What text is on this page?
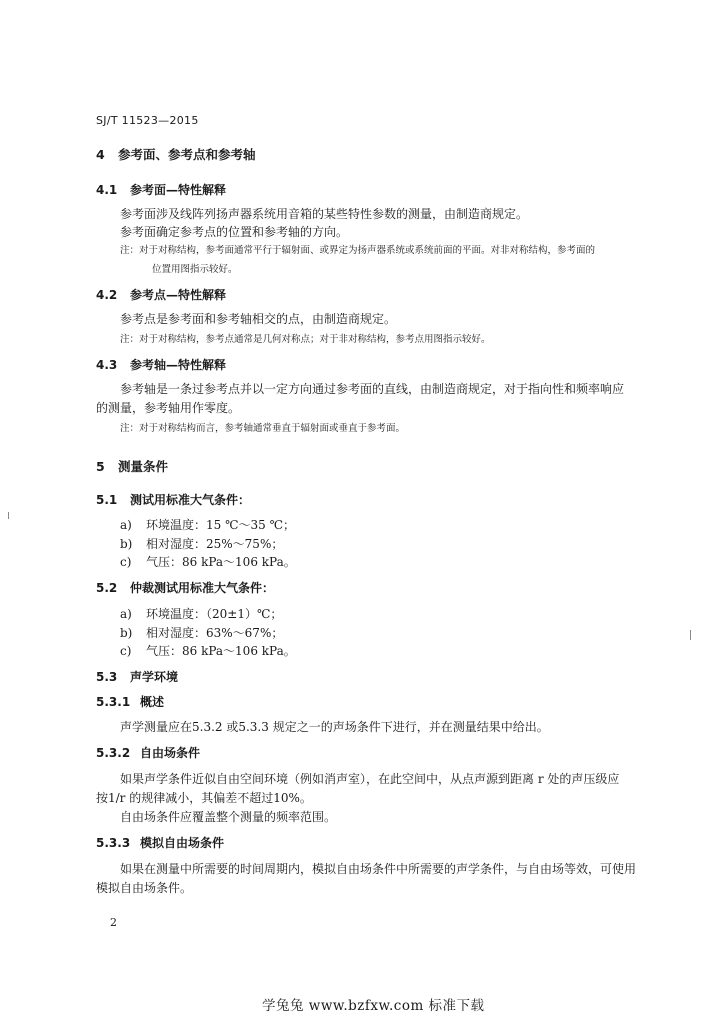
SJ/T 11523—2015
4 参考面、参考点和参考轴
4.1 参考面—特性解释
参考面涉及线阵列扬声器系统用音箱的某些特性参数的测量，由制造商规定。
参考面确定参考点的位置和参考轴的方向。
注：对于对称结构，参考面通常平行于辐射面、或界定为扬声器系统或系统前面的平面。对非对称结构，参考面的
位置用图指示较好。
4.2 参考点—特性解释
参考点是参考面和参考轴相交的点，由制造商规定。
注：对于对称结构，参考点通常是几何对称点；对于非对称结构，参考点用图指示较好。
4.3 参考轴—特性解释
参考轴是一条过参考点并以一定方向通过参考面的直线，由制造商规定，对于指向性和频率响应
的测量，参考轴用作零度。
注：对于对称结构而言，参考轴通常垂直于辐射面或垂直于参考面。
5 测量条件
5.1 测试用标准大气条件：
a) 环境温度：15 ℃～35 ℃；
b) 相对湿度：25%～75%；
c) 气压：86 kPa～106 kPa。
5.2 仲裁测试用标准大气条件：
a) 环境温度：（20±1）℃；
b) 相对湿度：63%～67%；
c) 气压：86 kPa～106 kPa。
5.3 声学环境
5.3.1 概述
声学测量应在5.3.2 或5.3.3 规定之一的声场条件下进行，并在测量结果中给出。
5.3.2 自由场条件
如果声学条件近似自由空间环境（例如消声室），在此空间中，从点声源到距离 r 处的声压级应
按1/r 的规律减小，其偏差不超过10%。
自由场条件应覆盖整个测量的频率范围。
5.3.3 模拟自由场条件
如果在测量中所需要的时间周期内，模拟自由场条件中所需要的声学条件，与自由场等效，可使用
模拟自由场条件。
2
学兔兔 www.bzfxw.com 标准下载
